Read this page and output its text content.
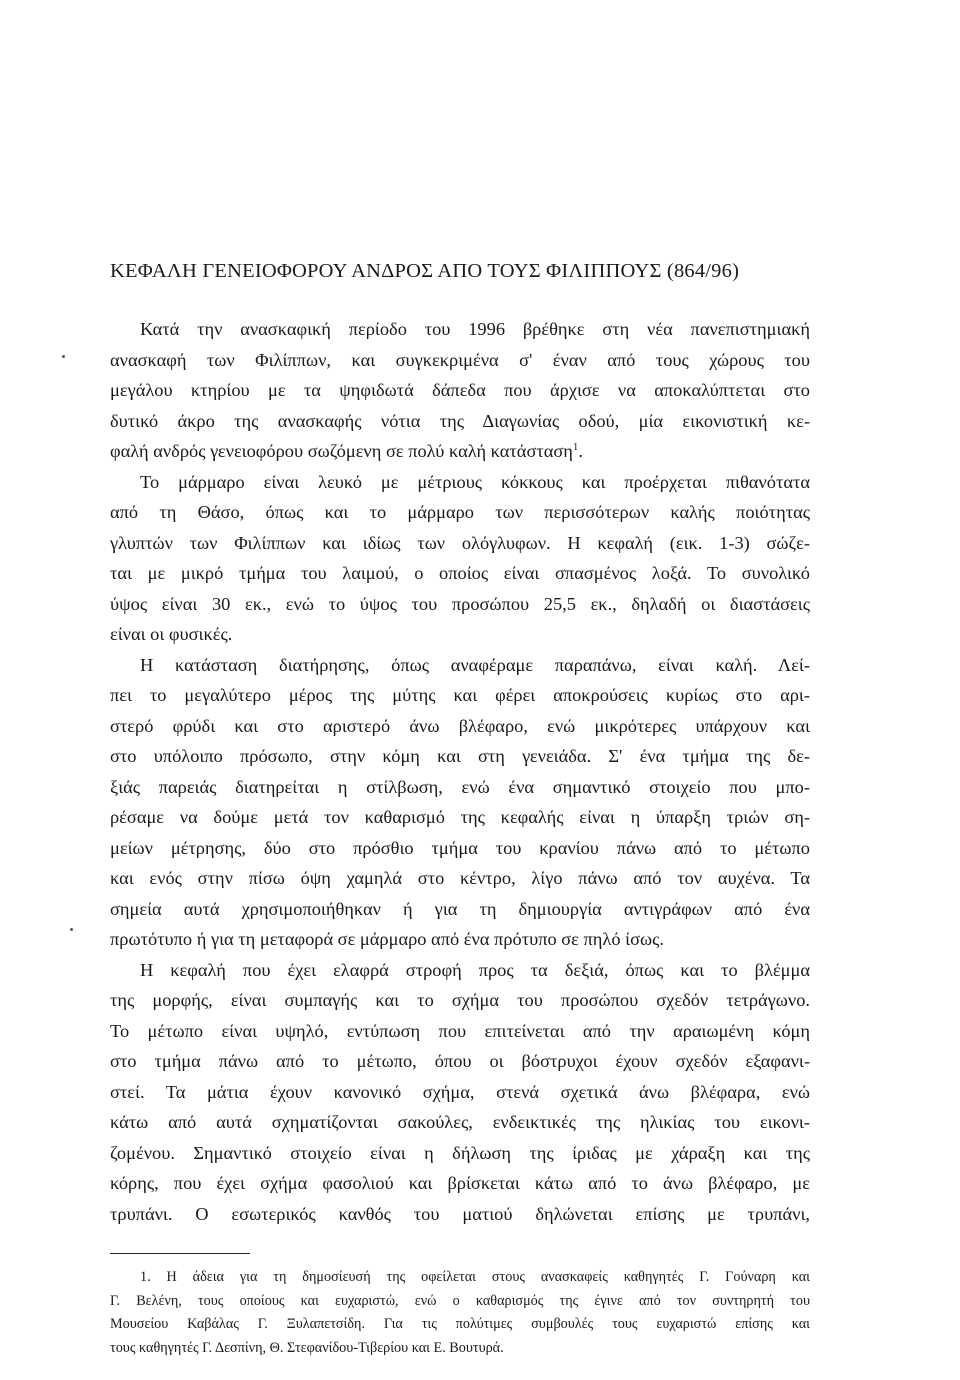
ΚΕΦΑΛΗ ΓΕΝΕΙΟΦΟΡΟΥ ΑΝΔΡΟΣ ΑΠΟ ΤΟΥΣ ΦΙΛΙΠΠΟΥΣ (864/96)
Κατά την ανασκαφική περίοδο του 1996 βρέθηκε στη νέα πανεπιστημιακή
ανασκαφή των Φιλίππων, και συγκεκριμένα σ' έναν από τους χώρους του
μεγάλου κτηρίου με τα ψηφιδωτά δάπεδα που άρχισε να αποκαλύπτεται στο
δυτικό άκρο της ανασκαφής νότια της Διαγωνίας οδού, μία εικονιστική κε-
φαλή ανδρός γενειοφόρου σωζόμενη σε πολύ καλή κατάσταση$^1$.
Το μάρμαρο είναι λευκό με μέτριους κόκκους και προέρχεται πιθανότατα
από τη Θάσο, όπως και το μάρμαρο των περισσότερων καλής ποιότητας
γλυπτών των Φιλίππων και ιδίως των ολόγλυφων. Η κεφαλή (εικ. 1-3) σώζε-
ται με μικρό τμήμα του λαιμού, ο οποίος είναι σπασμένος λοξά. Το συνολικό
ύψος είναι 30 εκ., ενώ το ύψος του προσώπου 25,5 εκ., δηλαδή οι διαστάσεις
είναι οι φυσικές.
Η κατάσταση διατήρησης, όπως αναφέραμε παραπάνω, είναι καλή. Λεί-
πει το μεγαλύτερο μέρος της μύτης και φέρει αποκρούσεις κυρίως στο αρι-
στερό φρύδι και στο αριστερό άνω βλέφαρο, ενώ μικρότερες υπάρχουν και
στο υπόλοιπο πρόσωπο, στην κόμη και στη γενειάδα. Σ' ένα τμήμα της δε-
ξιάς παρειάς διατηρείται η στίλβωση, ενώ ένα σημαντικό στοιχείο που μπο-
ρέσαμε να δούμε μετά τον καθαρισμό της κεφαλής είναι η ύπαρξη τριών ση-
μείων μέτρησης, δύο στο πρόσθιο τμήμα του κρανίου πάνω από το μέτωπο
και ενός στην πίσω όψη χαμηλά στο κέντρο, λίγο πάνω από τον αυχένα. Τα
σημεία αυτά χρησιμοποιήθηκαν ή για τη δημιουργία αντιγράφων από ένα
πρωτότυπο ή για τη μεταφορά σε μάρμαρο από ένα πρότυπο σε πηλό ίσως.
Η κεφαλή που έχει ελαφρά στροφή προς τα δεξιά, όπως και το βλέμμα
της μορφής, είναι συμπαγής και το σχήμα του προσώπου σχεδόν τετράγωνο.
Το μέτωπο είναι υψηλό, εντύπωση που επιτείνεται από την αραιωμένη κόμη
στο τμήμα πάνω από το μέτωπο, όπου οι βόστρυχοι έχουν σχεδόν εξαφανι-
στεί. Τα μάτια έχουν κανονικό σχήμα, στενά σχετικά άνω βλέφαρα, ενώ
κάτω από αυτά σχηματίζονται σακούλες, ενδεικτικές της ηλικίας του εικονι-
ζομένου. Σημαντικό στοιχείο είναι η δήλωση της ίριδας με χάραξη και της
κόρης, που έχει σχήμα φασολιού και βρίσκεται κάτω από το άνω βλέφαρο, με
τρυπάνι. Ο εσωτερικός κανθός του ματιού δηλώνεται επίσης με τρυπάνι,
1. Η άδεια για τη δημοσίευσή της οφείλεται στους ανασκαφείς καθηγητές Γ. Γούναρη και
Γ. Βελένη, τους οποίους και ευχαριστώ, ενώ ο καθαρισμός της έγινε από τον συντηρητή του
Μουσείου Καβάλας Γ. Ξυλαπετσίδη. Για τις πολύτιμες συμβουλές τους ευχαριστώ επίσης και
τους καθηγητές Γ. Δεσπίνη, Θ. Στεφανίδου-Τιβερίου και Ε. Βουτυρά.
